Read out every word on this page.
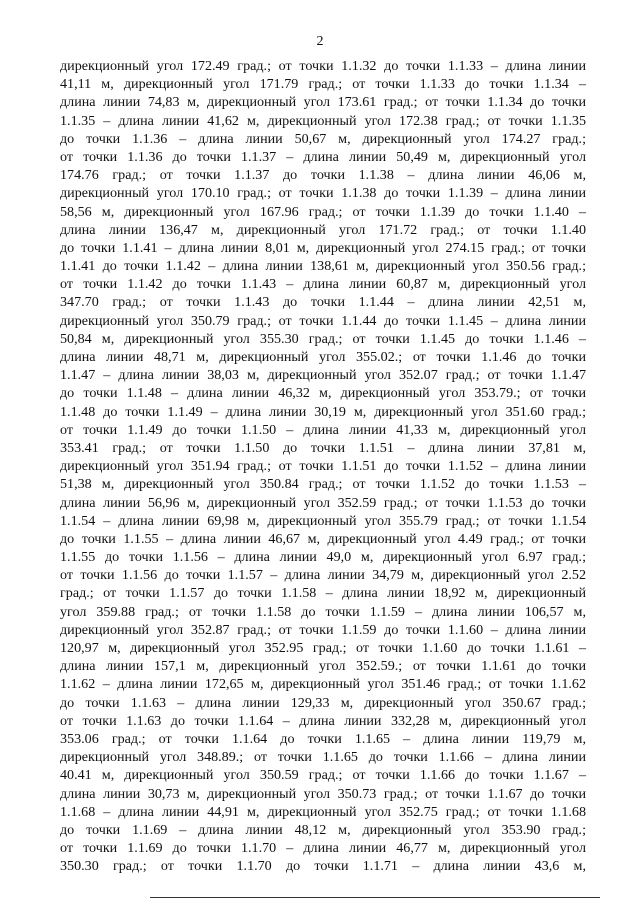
2
дирекционный угол 172.49 град.; от точки 1.1.32 до точки 1.1.33 – длина линии
41,11 м, дирекционный угол 171.79 град.; от точки 1.1.33 до точки 1.1.34 –
длина линии 74,83 м, дирекционный угол 173.61 град.; от точки 1.1.34 до точки
1.1.35 – длина линии 41,62 м, дирекционный угол 172.38 град.; от точки 1.1.35
до точки 1.1.36 – длина линии 50,67 м, дирекционный угол 174.27 град.;
от точки 1.1.36 до точки 1.1.37 – длина линии 50,49 м, дирекционный угол
174.76 град.; от точки 1.1.37 до точки 1.1.38 – длина линии 46,06 м,
дирекционный угол 170.10 град.; от точки 1.1.38 до точки 1.1.39 – длина линии
58,56 м, дирекционный угол 167.96 град.; от точки 1.1.39 до точки 1.1.40 –
длина линии 136,47 м, дирекционный угол 171.72 град.; от точки 1.1.40
до точки 1.1.41 – длина линии 8,01 м, дирекционный угол 274.15 град.; от точки
1.1.41 до точки 1.1.42 – длина линии 138,61 м, дирекционный угол 350.56 град.;
от точки 1.1.42 до точки 1.1.43 – длина линии 60,87 м, дирекционный угол
347.70 град.; от точки 1.1.43 до точки 1.1.44 – длина линии 42,51 м,
дирекционный угол 350.79 град.; от точки 1.1.44 до точки 1.1.45 – длина линии
50,84 м, дирекционный угол 355.30 град.; от точки 1.1.45 до точки 1.1.46 –
длина линии 48,71 м, дирекционный угол 355.02.; от точки 1.1.46 до точки
1.1.47 – длина линии 38,03 м, дирекционный угол 352.07 град.; от точки 1.1.47
до точки 1.1.48 – длина линии 46,32 м, дирекционный угол 353.79.; от точки
1.1.48 до точки 1.1.49 – длина линии 30,19 м, дирекционный угол 351.60 град.;
от точки 1.1.49 до точки 1.1.50 – длина линии 41,33 м, дирекционный угол
353.41 град.; от точки 1.1.50 до точки 1.1.51 – длина линии 37,81 м,
дирекционный угол 351.94 град.; от точки 1.1.51 до точки 1.1.52 – длина линии
51,38 м, дирекционный угол 350.84 град.; от точки 1.1.52 до точки 1.1.53 –
длина линии 56,96 м, дирекционный угол 352.59 град.; от точки 1.1.53 до точки
1.1.54 – длина линии 69,98 м, дирекционный угол 355.79 град.; от точки 1.1.54
до точки 1.1.55 – длина линии 46,67 м, дирекционный угол 4.49 град.; от точки
1.1.55 до точки 1.1.56 – длина линии 49,0 м, дирекционный угол 6.97 град.;
от точки 1.1.56 до точки 1.1.57 – длина линии 34,79 м, дирекционный угол 2.52
град.; от точки 1.1.57 до точки 1.1.58 – длина линии 18,92 м, дирекционный
угол 359.88 град.; от точки 1.1.58 до точки 1.1.59 – длина линии 106,57 м,
дирекционный угол 352.87 град.; от точки 1.1.59 до точки 1.1.60 – длина линии
120,97 м, дирекционный угол 352.95 град.; от точки 1.1.60 до точки 1.1.61 –
длина линии 157,1 м, дирекционный угол 352.59.; от точки 1.1.61 до точки
1.1.62 – длина линии 172,65 м, дирекционный угол 351.46 град.; от точки 1.1.62
до точки 1.1.63 – длина линии 129,33 м, дирекционный угол 350.67 град.;
от точки 1.1.63 до точки 1.1.64 – длина линии 332,28 м, дирекционный угол
353.06 град.; от точки 1.1.64 до точки 1.1.65 – длина линии 119,79 м,
дирекционный угол 348.89.; от точки 1.1.65 до точки 1.1.66 – длина линии
40.41 м, дирекционный угол 350.59 град.; от точки 1.1.66 до точки 1.1.67 –
длина линии 30,73 м, дирекционный угол 350.73 град.; от точки 1.1.67 до точки
1.1.68 – длина линии 44,91 м, дирекционный угол 352.75 град.; от точки 1.1.68
до точки 1.1.69 – длина линии 48,12 м, дирекционный угол 353.90 град.;
от точки 1.1.69 до точки 1.1.70 – длина линии 46,77 м, дирекционный угол
350.30 град.; от точки 1.1.70 до точки 1.1.71 – длина линии 43,6 м,
